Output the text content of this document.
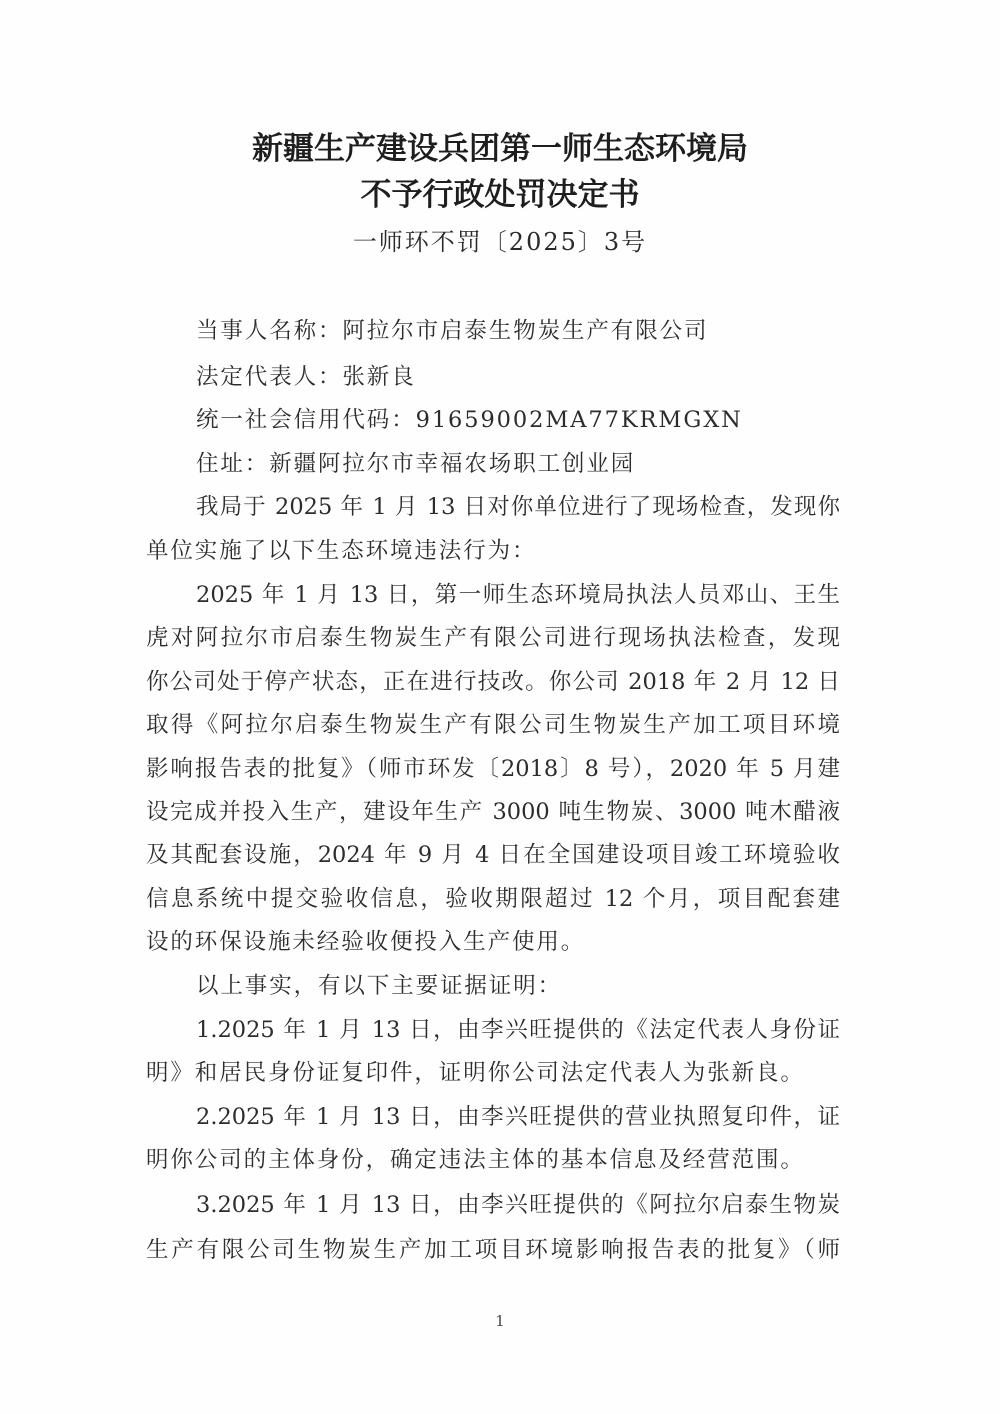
新疆生产建设兵团第一师生态环境局
不予行政处罚决定书
一师环不罚〔2025〕3号
当事人名称：阿拉尔市启泰生物炭生产有限公司
法定代表人：张新良
统一社会信用代码：91659002MA77KRMGXN
住址：新疆阿拉尔市幸福农场职工创业园
我局于 2025 年 1 月 13 日对你单位进行了现场检查，发现你
单位实施了以下生态环境违法行为：
2025 年 1 月 13 日，第一师生态环境局执法人员邓山、王生
虎对阿拉尔市启泰生物炭生产有限公司进行现场执法检查，发现
你公司处于停产状态，正在进行技改。你公司 2018 年 2 月 12 日
取得《阿拉尔启泰生物炭生产有限公司生物炭生产加工项目环境
影响报告表的批复》（师市环发〔2018〕8 号），2020 年 5 月建
设完成并投入生产，建设年生产 3000 吨生物炭、3000 吨木醋液
及其配套设施，2024 年 9 月 4 日在全国建设项目竣工环境验收
信息系统中提交验收信息，验收期限超过 12 个月，项目配套建
设的环保设施未经验收便投入生产使用。
以上事实，有以下主要证据证明：
1.2025 年 1 月 13 日，由李兴旺提供的《法定代表人身份证
明》和居民身份证复印件，证明你公司法定代表人为张新良。
2.2025 年 1 月 13 日，由李兴旺提供的营业执照复印件，证
明你公司的主体身份，确定违法主体的基本信息及经营范围。
3.2025 年 1 月 13 日，由李兴旺提供的《阿拉尔启泰生物炭
生产有限公司生物炭生产加工项目环境影响报告表的批复》（师
1
